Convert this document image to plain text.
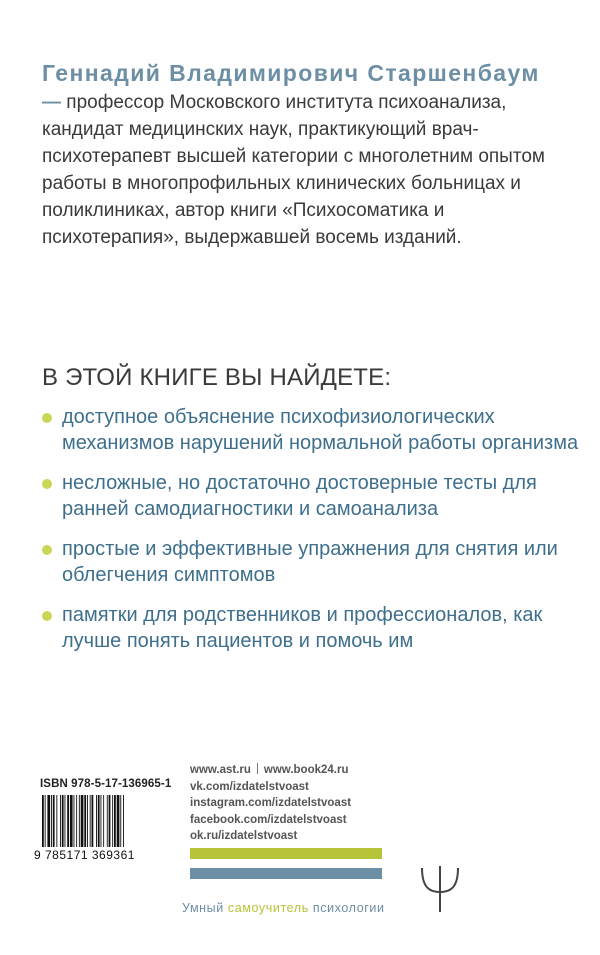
Геннадий Владимирович Старшенбаум — профессор Московского института психоанализа, кандидат медицинских наук, практикующий врач-психотерапевт высшей категории с многолетним опытом работы в многопрофильных клинических больницах и поликлиниках, автор книги «Психосоматика и психотерапия», выдержавшей восемь изданий.
В ЭТОЙ КНИГЕ ВЫ НАЙДЕТЕ:
доступное объяснение психофизиологических механизмов нарушений нормальной работы организма
несложные, но достаточно достоверные тесты для ранней самодиагностики и самоанализа
простые и эффективные упражнения для снятия или облегчения симптомов
памятки для родственников и профессионалов, как лучше понять пациентов и помочь им
ISBN 978-5-17-136965-1
9 785171 369361
www.ast.ru www.book24.ru
vk.com/izdatelstvoast
instagram.com/izdatelstvoast
facebook.com/izdatelstvoast
ok.ru/izdatelstvoast
Умный самоучитель психологии
